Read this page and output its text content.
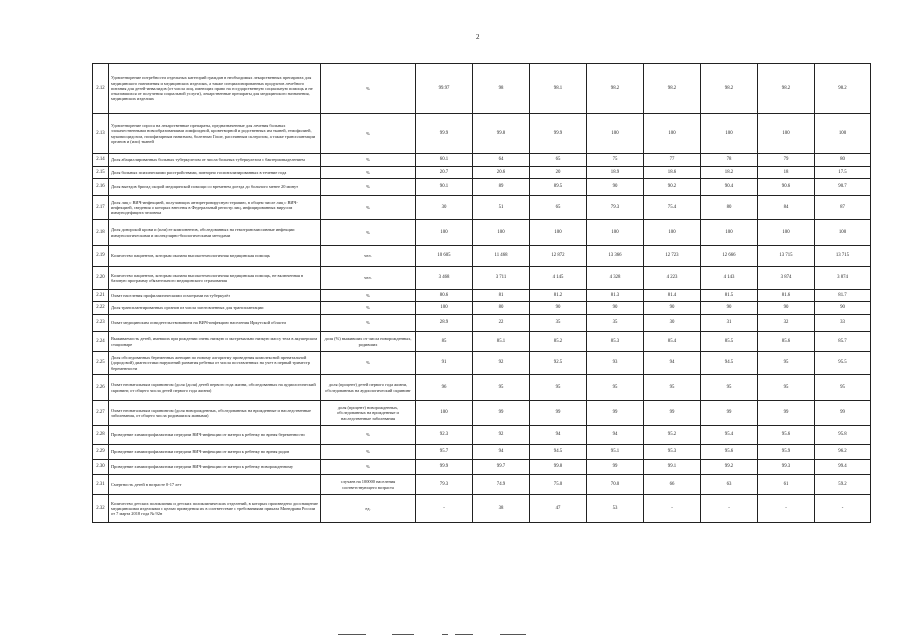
2
2.12	Удовлетворение потребности отдельных категорий граждан в необходимых лекарственных препаратах для медицинского назначения и медицинских изделиях, а также специализированных продуктов лечебного питания для детей-инвалидов (от числа лиц, имеющих право на государственную социальную помощь и не отказавшихся от получения социальной услуги), лекарственные препараты для медицинского назначения, медицинских изделиях	%	99.97	98	98.1	98.2	98.2	98.2	98.2	98.2
2.13	Удовлетворение спроса на лекарственные препараты, предназначенные для лечения больных злокачественными новообразованиями лимфоидной, кроветворной и родственных им тканей, гемофилией, муковисцидозом, гипофизарным нанизмом, болезнью Гоше, рассеянным склерозом, а также трансплантации органов и (или) тканей	%	99.9	99.8	99.9	100	100	100	100	100
2.14	Доля абациллированных больных туберкулезом от числа больных туберкулезом с бактериовыделением	%	60.1	64	65	75	77	78	79	80
2.15	Доля больных психическими расстройствами, повторно госпитализированных в течение года	%	20.7	20.6	20	18.9	18.6	18.2	18	17.5
2.16	Доля выездов бригад скорой медицинской помощи со временем доезда до больного менее 20 минут	%	90.1	89	89.5	90	90.2	90.4	90.6	90.7
2.17	Доля лиц с ВИЧ-инфекцией, получающих антиретровирусную терапию, в общем числе лиц с ВИЧ-инфекцией, сведения о которых внесены в Федеральный регистр лиц, инфицированных вирусом иммунодефицита человека	%	30	51	65	79.3	75.4	80	84	87
2.18	Доля донорской крови и (или) ее компонентов, обследованных на гемотрансмиссивные инфекции иммунологическими и молекулярно-биологическими методами	%	100	100	100	100	100	100	100	100
2.19	Количество пациентов, которым оказана высокотехнологичная медицинская помощь	чел.	10 605	11 468	12 872	13 366	12 723	12 666	13 715	13 715
2.20	Количество пациентов, которым оказана высокотехнологичная медицинская помощь, не включенная в базовую программу обязательного медицинского страхования	чел.	3 468	3 711	4 145	4 328	4 223	4 143	3 874	3 874
2.21	Охват населения профилактическими осмотрами на туберкулёз	%	80.6	81	81.2	81.3	81.4	81.5	81.6	81.7
2.22	Доля трансплантированных органов из числа заготовленных для трансплантации	%	100	80	90	90	90	90	90	90
2.23	Охват медицинским освидетельствованием на ВИЧ-инфекцию населения Иркутской области	%	28.9	22	35	35	30	31	32	33
2.24	Выживаемость детей, имевших при рождении очень низкую и экстремально низкую массу тела в акушерском стационаре	доля (%) выживших от числа новорожденных, родивших	85	85.1	85.2	85.3	85.4	85.5	85.6	85.7
2.25	Доля обследованных беременных женщин по новому алгоритму проведения комплексной пренатальной (дородовой) диагностики нарушений развития ребенка от числа поставленных на учет в первый триместр беременности	%	91	92	92.5	93	94	94.5	95	95.5
2.26	Охват неонатальным скринингом (доля (доля) детей первого года жизни, обследованных на аудиологический скрининг, от общего числа детей первого года жизни)	доля (процент) детей первого года жизни, обследованных на аудиологический скрининг	96	95	95	95	95	95	95	95
2.27	Охват неонатальным скринингом (доля новорожденных, обследованных на врожденные и наследственные заболевания, от общего числа родившихся живыми)	доля (процент) новорожденных, обследованных на врожденные и наследственные заболевания	100	99	99	99	99	99	99	99
2.28	Проведение химиопрофилактики передачи ВИЧ-инфекции от матери к ребенку во время беременности	%	92.3	92	94	94	95.2	95.4	95.6	95.8
2.29	Проведение химиопрофилактики передачи ВИЧ-инфекции от матери к ребенку во время родов	%	95.7	94	94.5	95.1	95.3	95.6	95.9	96.2
2.30	Проведение химиопрофилактики передачи ВИЧ-инфекции от матери к ребенку новорожденному	%	99.9	99.7	99.8	99	99.1	99.2	99.3	99.4
2.31	Смертность детей в возрасте 0-17 лет	случаев на 100000 населения соответствующего возраста	79.3	74.9	75.0	70.0	66	63	61	59.2
2.32	Количество детских поликлиник и детских поликлинических отделений, в которых произведено дооснащение медицинскими изделиями с целью приведения их в соответствие с требованиями приказа Минздрава России от 7 марта 2018 года № 92н	ед.	-	38	47	53	-	-	-	-
